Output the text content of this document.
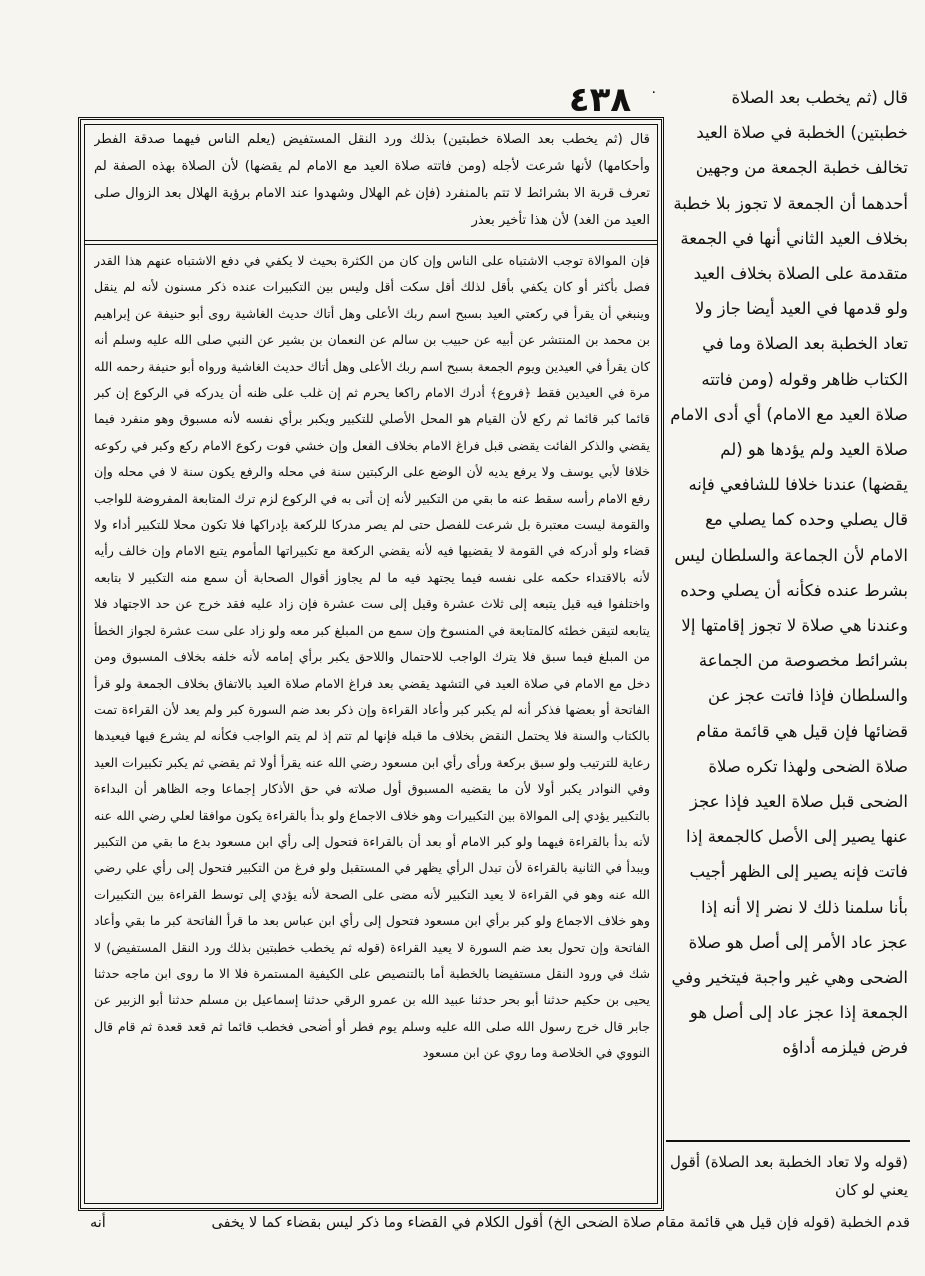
٤٣٨	٠
قال (ثم يخطب بعد الصلاة خطبتين) بذلك ورد النقل المستفيض (يعلم الناس فيهما صدقة الفطر وأحكامها) لأنها شرعت لأجله (ومن فاتته صلاة العيد مع الامام لم يقضها) لأن الصلاة بهذه الصفة لم تعرف قربة الا بشرائط لا تتم بالمنفرد (فإن غم الهلال وشهدوا عند الامام برؤية الهلال بعد الزوال صلى العيد من الغد) لأن هذا تأخير بعذر
فإن الموالاة توجب الاشتباه على الناس وإن كان من الكثرة بحيث لا يكفي في دفع الاشتباه عنهم هذا القدر فصل بأكثر أو كان يكفي بأقل لذلك أقل سكت أقل وليس بين التكبيرات عنده ذكر مسنون لأنه لم ينقل وينبغي أن يقرأ في ركعتي العيد بسبح اسم ربك الأعلى وهل أتاك حديث الغاشية روى أبو حنيفة عن إبراهيم بن محمد بن المنتشر عن أبيه عن حبيب بن سالم عن النعمان بن بشير عن النبي صلى الله عليه وسلم أنه كان يقرأ في العيدين ويوم الجمعة بسبح اسم ربك الأعلى وهل أتاك حديث الغاشية ورواه أبو حنيفة رحمه الله مرة في العيدين فقط ﴿فروع﴾ أدرك الامام راكعا يحرم ثم إن غلب على ظنه أن يدركه في الركوع إن كبر قائما كبر قائما ثم ركع لأن القيام هو المحل الأصلي للتكبير ويكبر برأي نفسه لأنه مسبوق وهو منفرد فيما يقضي والذكر الفائت يقضى قبل فراغ الامام بخلاف الفعل وإن خشي فوت ركوع الامام ركع وكبر في ركوعه خلافا لأبي يوسف ولا يرفع يديه لأن الوضع على الركبتين سنة في محله والرفع يكون سنة لا في محله وإن رفع الامام رأسه سقط عنه ما بقي من التكبير لأنه إن أتى به في الركوع لزم ترك المتابعة المفروضة للواجب والقومة ليست معتبرة بل شرعت للفصل حتى لم يصر مدركا للركعة بإدراكها فلا تكون محلا للتكبير أداء ولا قضاء ولو أدركه في القومة لا يقضيها فيه لأنه يقضي الركعة مع تكبيراتها المأموم يتبع الامام وإن خالف رأيه لأنه بالاقتداء حكمه على نفسه فيما يجتهد فيه ما لم يجاوز أقوال الصحابة أن سمع منه التكبير لا بتابعه واختلفوا فيه قيل يتبعه إلى ثلاث عشرة وقيل إلى ست عشرة فإن زاد عليه فقد خرج عن حد الاجتهاد فلا يتابعه لتيقن خطئه كالمتابعة في المنسوخ وإن سمع من المبلغ كبر معه ولو زاد على ست عشرة لجواز الخطأ من المبلغ فيما سبق فلا يترك الواجب للاحتمال واللاحق يكبر برأي إمامه لأنه خلفه بخلاف المسبوق ومن دخل مع الامام في صلاة العيد في التشهد يقضي بعد فراغ الامام صلاة العيد بالاتفاق بخلاف الجمعة ولو قرأ الفاتحة أو بعضها فذكر أنه لم يكبر كبر وأعاد القراءة وإن ذكر بعد ضم السورة كبر ولم يعد لأن القراءة تمت بالكتاب والسنة فلا يحتمل النقض بخلاف ما قبله فإنها لم تتم إذ لم يتم الواجب فكأنه لم يشرع فيها فيعيدها رعاية للترتيب ولو سبق بركعة ورأى رأي ابن مسعود رضي الله عنه يقرأ أولا ثم يقضي ثم يكبر تكبيرات العيد وفي النوادر يكبر أولا لأن ما يقضيه المسبوق أول صلاته في حق الأذكار إجماعا وجه الظاهر أن البداءة بالتكبير يؤدي إلى الموالاة بين التكبيرات وهو خلاف الاجماع ولو بدأ بالقراءة يكون موافقا لعلي رضي الله عنه لأنه بدأ بالقراءة فيهما ولو كبر الامام أو بعد أن بالقراءة فتحول إلى رأي ابن مسعود بدع ما بقي من التكبير ويبدأ في الثانية بالقراءة لأن تبدل الرأي يظهر في المستقبل ولو فرغ من التكبير فتحول إلى رأي علي رضي الله عنه وهو في القراءة لا يعيد التكبير لأنه مضى على الصحة لأنه يؤدي إلى توسط القراءة بين التكبيرات وهو خلاف الاجماع ولو كبر برأي ابن مسعود فتحول إلى رأي ابن عباس بعد ما قرأ الفاتحة كبر ما بقي وأعاد الفاتحة وإن تحول بعد ضم السورة لا يعيد القراءة (قوله ثم يخطب خطبتين بذلك ورد النقل المستفيض) لا شك في ورود النقل مستفيضا بالخطبة أما بالتنصيص على الكيفية المستمرة فلا الا ما روى ابن ماجه حدثنا يحيى بن حكيم حدثنا أبو بحر حدثنا عبيد الله بن عمرو الرقي حدثنا إسماعيل بن مسلم حدثنا أبو الزبير عن جابر قال خرج رسول الله صلى الله عليه وسلم يوم فطر أو أضحى فخطب قائما ثم قعد قعدة ثم قام قال النووي في الخلاصة وما روي عن ابن مسعود
قال (ثم يخطب بعد الصلاة خطبتين) الخطبة في صلاة العيد تخالف خطبة الجمعة من وجهين أحدهما أن الجمعة لا تجوز بلا خطبة بخلاف العيد الثاني أنها في الجمعة متقدمة على الصلاة بخلاف العيد ولو قدمها في العيد أيضا جاز ولا تعاد الخطبة بعد الصلاة وما في الكتاب ظاهر وقوله (ومن فاتته صلاة العيد مع الامام) أي أدى الامام صلاة العيد ولم يؤدها هو (لم يقضها) عندنا خلافا للشافعي فإنه قال يصلي وحده كما يصلي مع الامام لأن الجماعة والسلطان ليس بشرط عنده فكأنه أن يصلي وحده وعندنا هي صلاة لا تجوز إقامتها إلا بشرائط مخصوصة من الجماعة والسلطان فإذا فاتت عجز عن قضائها فإن قيل هي قائمة مقام صلاة الضحى ولهذا تكره صلاة الضحى قبل صلاة العيد فإذا عجز عنها يصير إلى الأصل كالجمعة إذا فاتت فإنه يصير إلى الظهر أجيب بأنا سلمنا ذلك لا نضر إلا أنه إذا عجز عاد الأمر إلى أصل هو صلاة الضحى وهي غير واجبة فيتخير وفي الجمعة إذا عجز عاد إلى أصل هو فرض فيلزمه أداؤه
(قوله ولا تعاد الخطبة بعد الصلاة) أقول يعني لو كان
قدم الخطبة (قوله فإن قيل هي قائمة مقام صلاة الضحى الخ) أقول الكلام في القضاء وما ذكر ليس بقضاء كما لا يخفى
أنه
